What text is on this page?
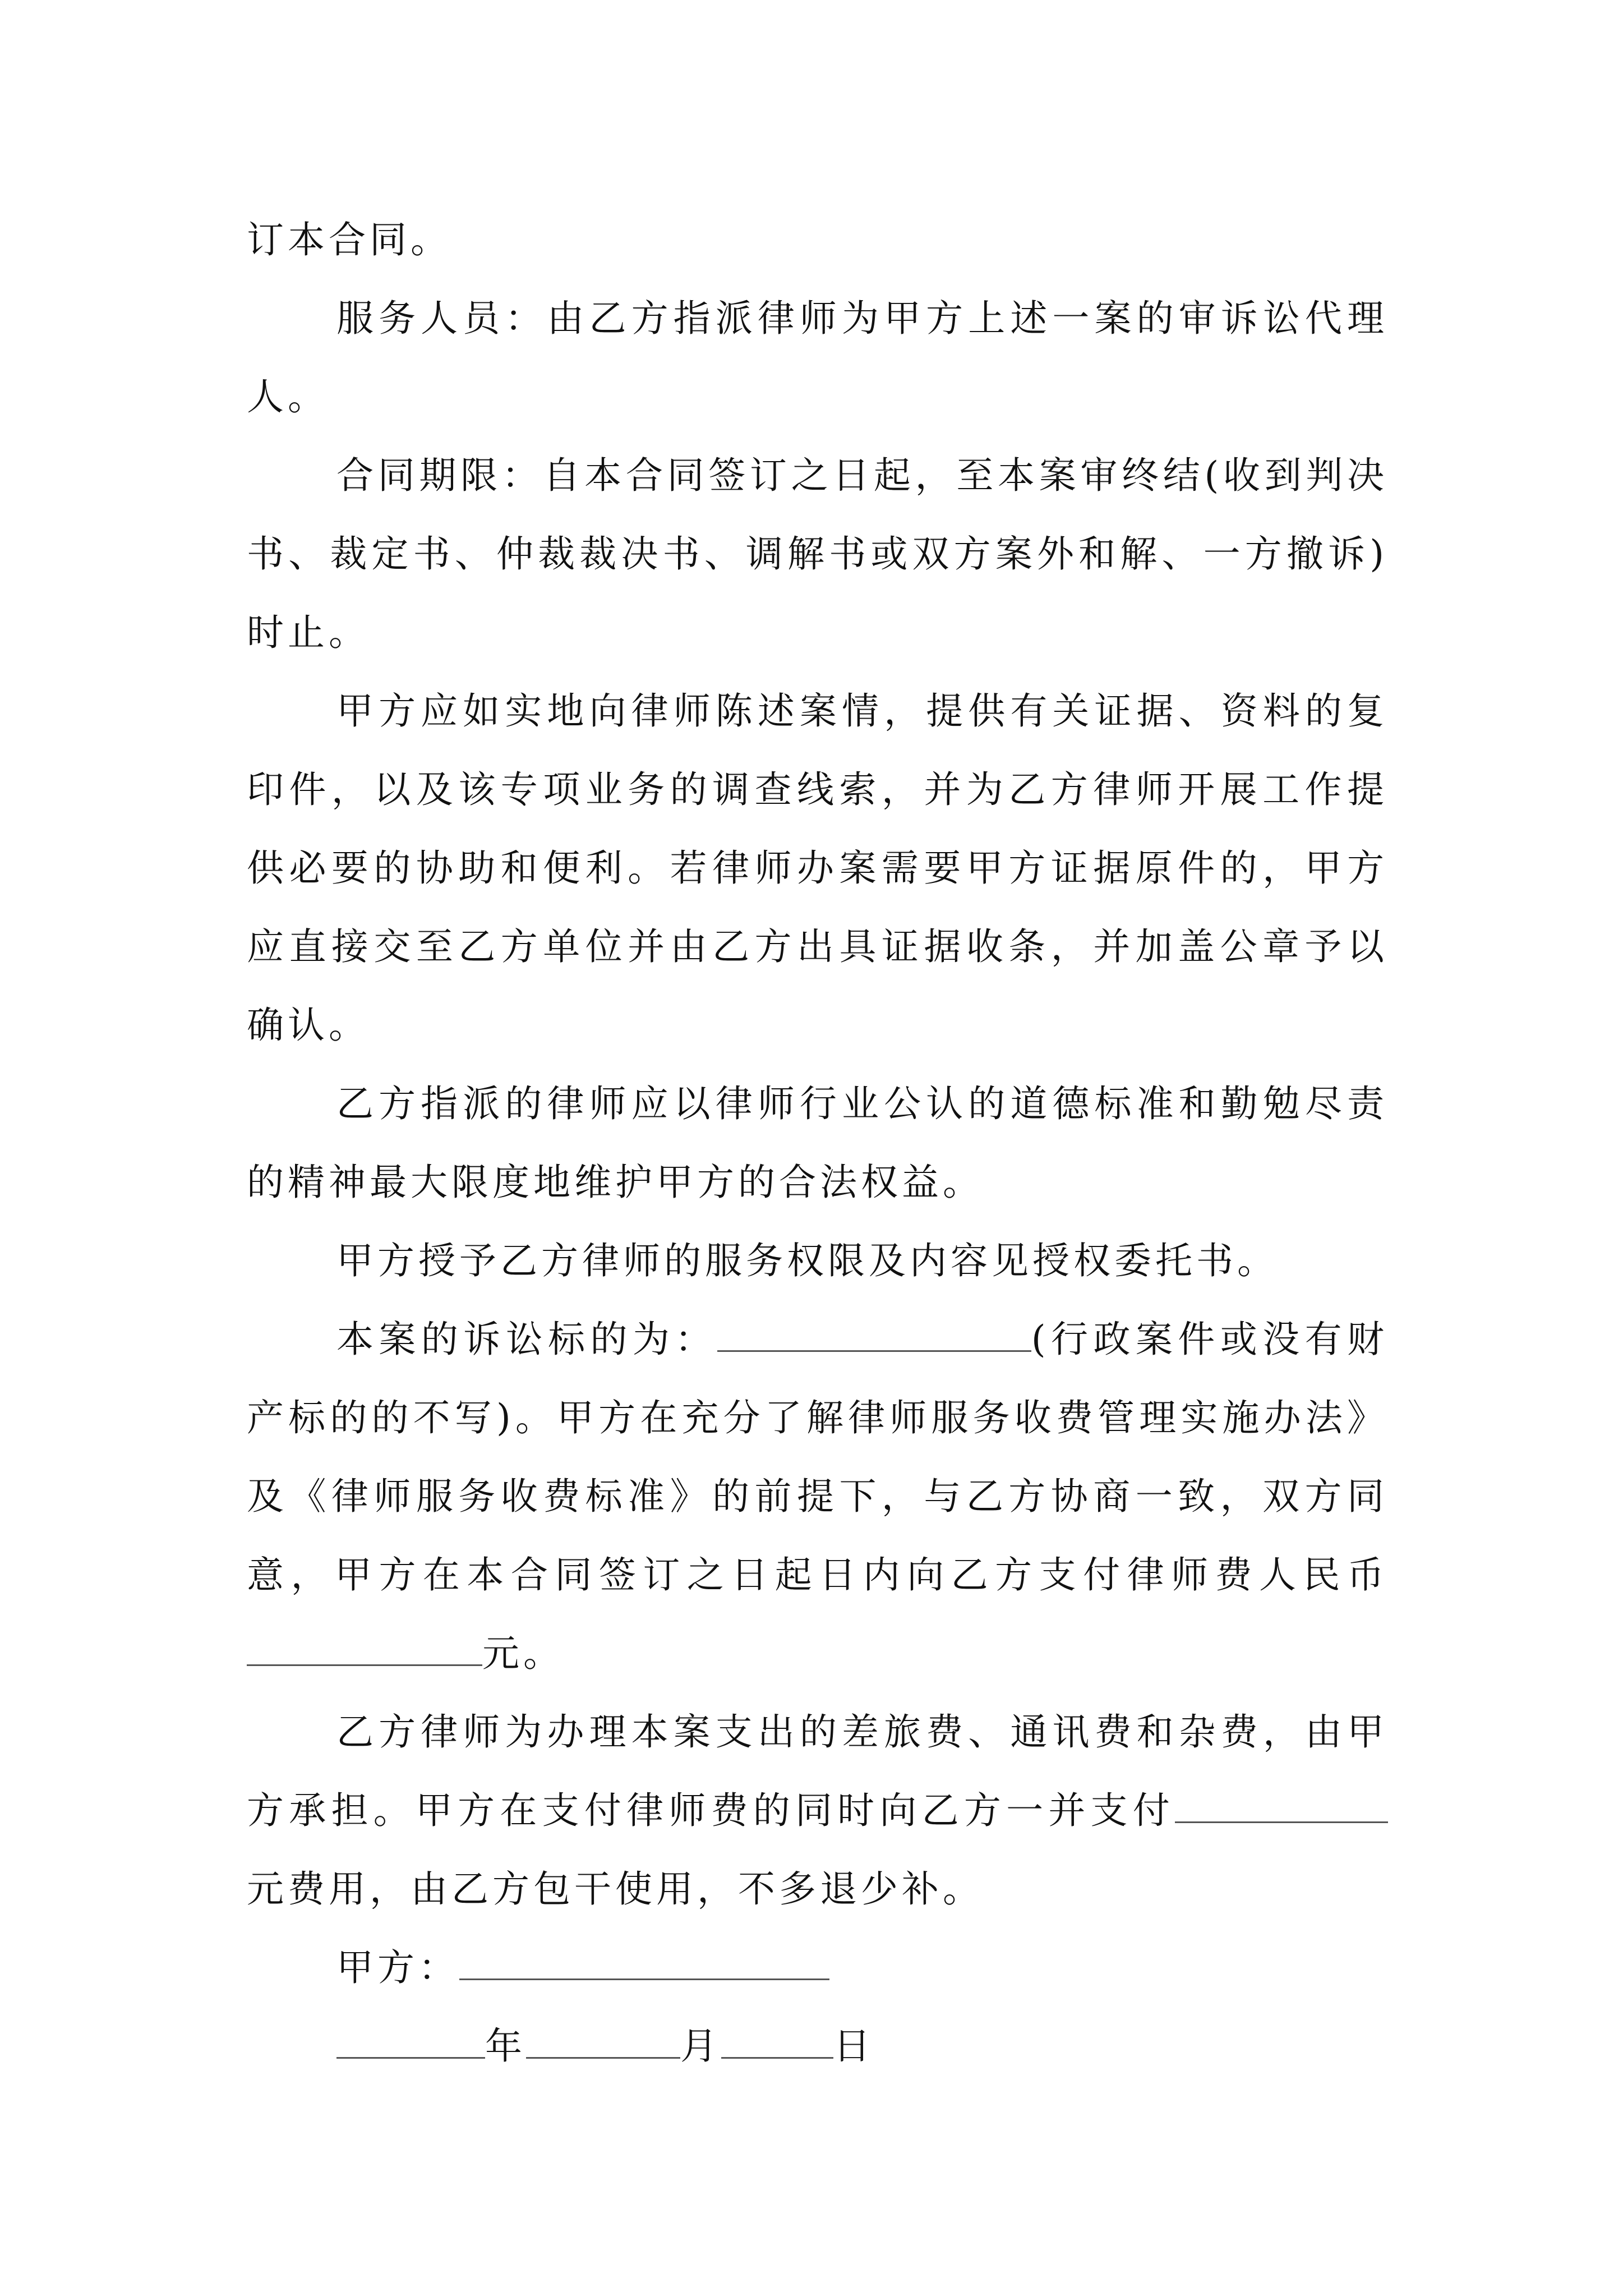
订本合同。

服务人员：由乙方指派律师为甲方上述一案的审诉讼代理人。

合同期限：自本合同签订之日起，至本案审终结(收到判决书、裁定书、仲裁裁决书、调解书或双方案外和解、一方撤诉)时止。

甲方应如实地向律师陈述案情，提供有关证据、资料的复印件，以及该专项业务的调查线索，并为乙方律师开展工作提供必要的协助和便利。若律师办案需要甲方证据原件的，甲方应直接交至乙方单位并由乙方出具证据收条，并加盖公章予以确认。

乙方指派的律师应以律师行业公认的道德标准和勤勉尽责的精神最大限度地维护甲方的合法权益。

甲方授予乙方律师的服务权限及内容见授权委托书。

本案的诉讼标的为：	(行政案件或没有财产标的的不写)。甲方在充分了解律师服务收费管理实施办法》及《律师服务收费标准》的前提下，与乙方协商一致，双方同意，甲方在本合同签订之日起日内向乙方支付律师费人民币元。

乙方律师为办理本案支出的差旅费、通讯费和杂费，由甲方承担。甲方在支付律师费的同时向乙方一并支付元费用，由乙方包干使用，不多退少补。

甲方：

年	月	日
